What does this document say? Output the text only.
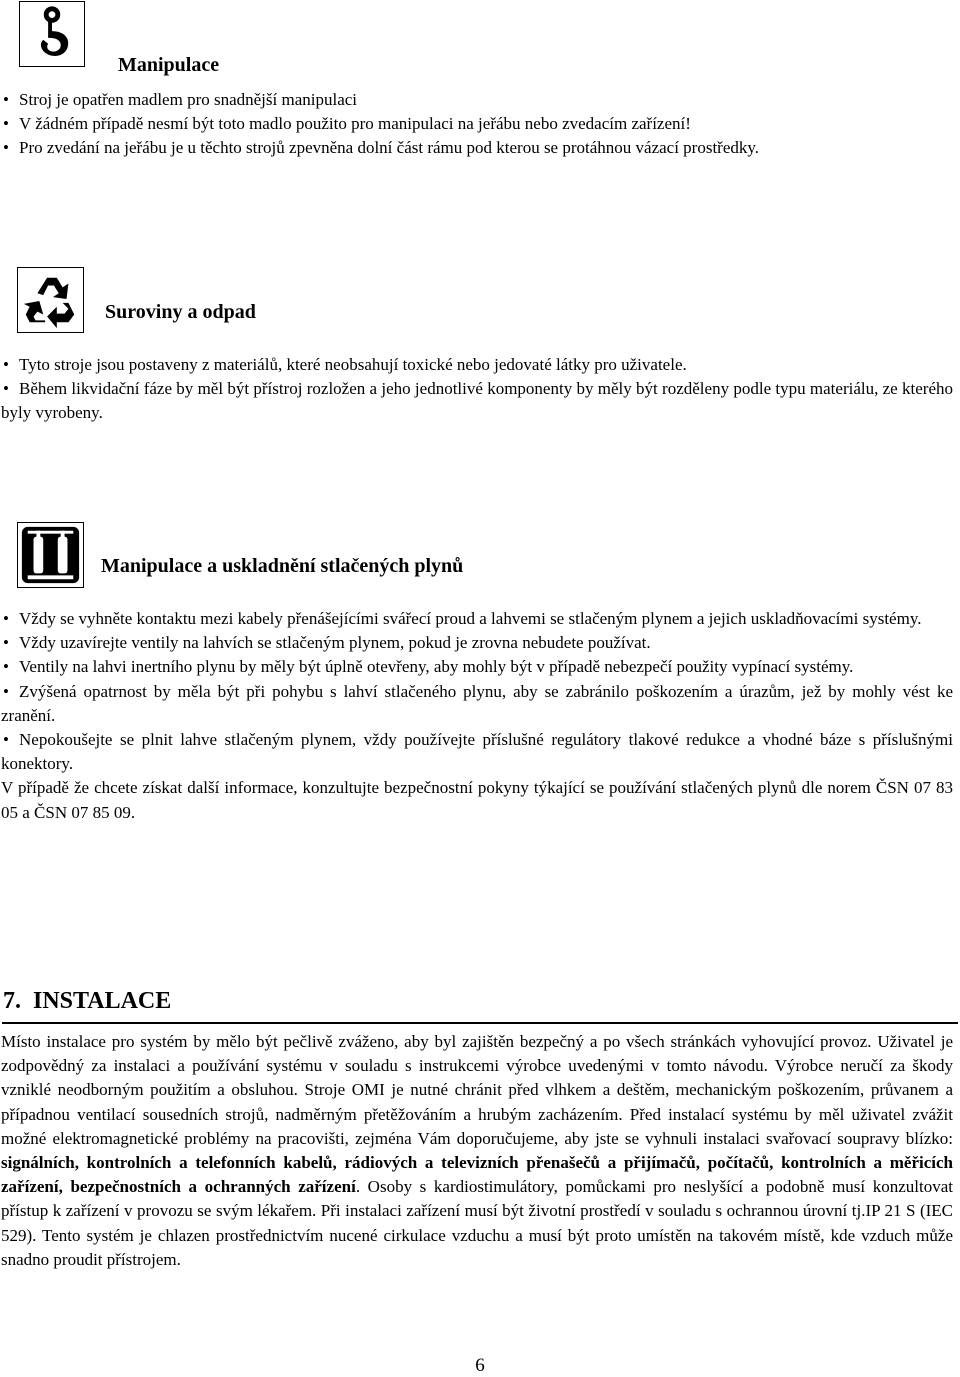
Manipulace
• Stroj je opatřen madlem pro snadnější manipulaci
• V žádném případě nesmí být toto madlo použito pro manipulaci na jeřábu nebo zvedacím zařízení!
• Pro zvedání na jeřábu je u těchto strojů zpevněna dolní část rámu pod kterou se protáhnou vázací prostředky.
Suroviny a odpad
• Tyto stroje jsou postaveny z materiálů, které neobsahují toxické nebo jedovaté látky pro uživatele.
• Během likvidační fáze by měl být přístroj rozložen a jeho jednotlivé komponenty by měly být rozděleny podle typu materiálu, ze kterého byly vyrobeny.
Manipulace a uskladnění stlačených plynů
• Vždy se vyhněte kontaktu mezi kabely přenášejícími svářecí proud a lahvemi se stlačeným plynem a jejich uskladňovacími systémy.
• Vždy uzavírejte ventily na lahvích se stlačeným plynem, pokud je zrovna nebudete používat.
• Ventily na lahvi inertního plynu by měly být úplně otevřeny, aby mohly být v případě nebezpečí použity vypínací systémy.
• Zvýšená opatrnost by měla být při pohybu s lahví stlačeného plynu, aby se zabránilo poškozením a úrazům, jež by mohly vést ke zranění.
• Nepokoušejte se plnit lahve stlačeným plynem, vždy používejte příslušné regulátory tlakové redukce a vhodné báze s příslušnými konektory.
V případě že chcete získat další informace, konzultujte bezpečnostní pokyny týkající se používání stlačených plynů dle norem ČSN 07 83 05 a ČSN 07 85 09.
7.  INSTALACE
Místo instalace pro systém by mělo být pečlivě zváženo, aby byl zajištěn bezpečný a po všech stránkách vyhovující provoz. Uživatel je zodpovědný za instalaci a používání systému v souladu s instrukcemi výrobce uvedenými v tomto návodu. Výrobce neručí za škody vzniklé neodborným použitím a obsluhou. Stroje OMI je nutné chránit před vlhkem a deštěm, mechanickým poškozením, průvanem a případnou ventilací sousedních strojů, nadměrným přetěžováním a hrubým zacházením. Před instalací systému by měl uživatel zvážit možné elektromagnetické problémy na pracovišti, zejména Vám doporučujeme, aby jste se vyhnuli instalaci svařovací soupravy blízko: signálních, kontrolních a telefonních kabelů, rádiových a televizních přenašečů a přijímačů, počítačů, kontrolních a měřicích zařízení, bezpečnostních a ochranných zařízení. Osoby s kardiostimulátory, pomůckami pro neslyšící a podobně musí konzultovat přístup k zařízení v provozu se svým lékařem. Při instalaci zařízení musí být životní prostředí v souladu s ochrannou úrovní tj.IP 21 S (IEC 529). Tento systém je chlazen prostřednictvím nucené cirkulace vzduchu a musí být proto umístěn na takovém místě, kde vzduch může snadno proudit přístrojem.
6
